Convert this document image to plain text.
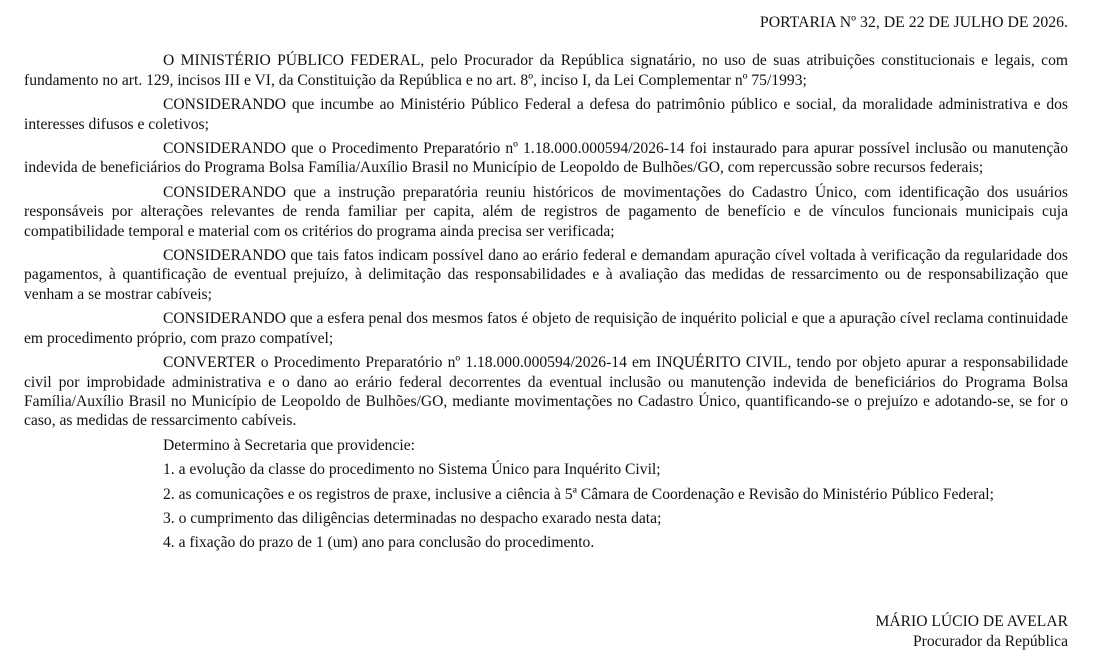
PORTARIA Nº 32, DE 22 DE JULHO DE 2026.

O MINISTÉRIO PÚBLICO FEDERAL, pelo Procurador da República signatário, no uso de suas atribuições constitucionais e legais, com fundamento no art. 129, incisos III e VI, da Constituição da República e no art. 8º, inciso I, da Lei Complementar nº 75/1993;

CONSIDERANDO que incumbe ao Ministério Público Federal a defesa do patrimônio público e social, da moralidade administrativa e dos interesses difusos e coletivos;

CONSIDERANDO que o Procedimento Preparatório nº 1.18.000.000594/2026-14 foi instaurado para apurar possível inclusão ou manutenção indevida de beneficiários do Programa Bolsa Família/Auxílio Brasil no Município de Leopoldo de Bulhões/GO, com repercussão sobre recursos federais;

CONSIDERANDO que a instrução preparatória reuniu históricos de movimentações do Cadastro Único, com identificação dos usuários responsáveis por alterações relevantes de renda familiar per capita, além de registros de pagamento de benefício e de vínculos funcionais municipais cuja compatibilidade temporal e material com os critérios do programa ainda precisa ser verificada;

CONSIDERANDO que tais fatos indicam possível dano ao erário federal e demandam apuração cível voltada à verificação da regularidade dos pagamentos, à quantificação de eventual prejuízo, à delimitação das responsabilidades e à avaliação das medidas de ressarcimento ou de responsabilização que venham a se mostrar cabíveis;

CONSIDERANDO que a esfera penal dos mesmos fatos é objeto de requisição de inquérito policial e que a apuração cível reclama continuidade em procedimento próprio, com prazo compatível;

CONVERTER o Procedimento Preparatório nº 1.18.000.000594/2026-14 em INQUÉRITO CIVIL, tendo por objeto apurar a responsabilidade civil por improbidade administrativa e o dano ao erário federal decorrentes da eventual inclusão ou manutenção indevida de beneficiários do Programa Bolsa Família/Auxílio Brasil no Município de Leopoldo de Bulhões/GO, mediante movimentações no Cadastro Único, quantificando-se o prejuízo e adotando-se, se for o caso, as medidas de ressarcimento cabíveis.

Determino à Secretaria que providencie:

1. a evolução da classe do procedimento no Sistema Único para Inquérito Civil;

2. as comunicações e os registros de praxe, inclusive a ciência à 5ª Câmara de Coordenação e Revisão do Ministério Público Federal;

3. o cumprimento das diligências determinadas no despacho exarado nesta data;

4. a fixação do prazo de 1 (um) ano para conclusão do procedimento.

MÁRIO LÚCIO DE AVELAR
Procurador da República
